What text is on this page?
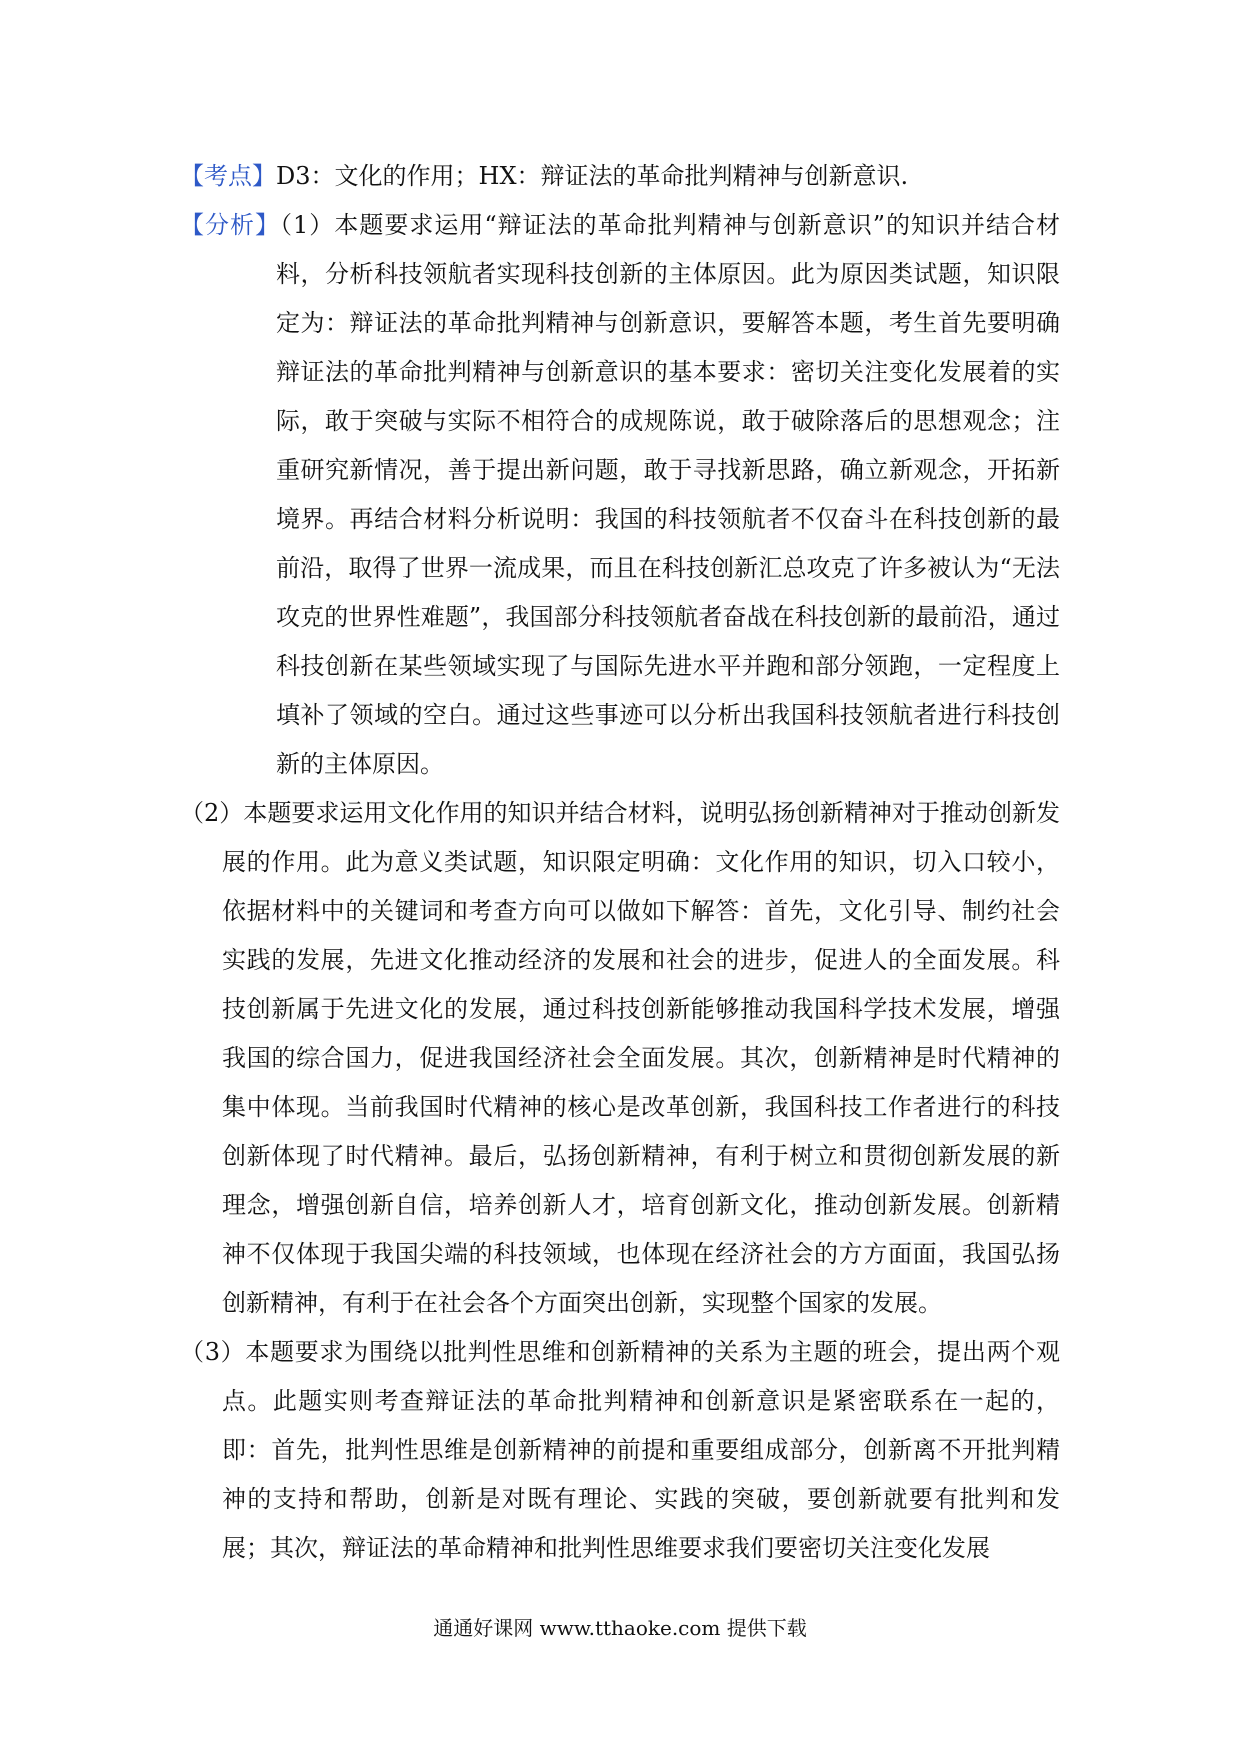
【考点】D3：文化的作用；HX：辩证法的革命批判精神与创新意识.

【分析】（1）本题要求运用“辩证法的革命批判精神与创新意识”的知识并结合材料，分析科技领航者实现科技创新的主体原因。此为原因类试题，知识限定为：辩证法的革命批判精神与创新意识，要解答本题，考生首先要明确辩证法的革命批判精神与创新意识的基本要求：密切关注变化发展着的实际，敢于突破与实际不相符合的成规陈说，敢于破除落后的思想观念；注重研究新情况，善于提出新问题，敢于寻找新思路，确立新观念，开拓新境界。再结合材料分析说明：我国的科技领航者不仅奋斗在科技创新的最前沿，取得了世界一流成果，而且在科技创新汇总攻克了许多被认为“无法攻克的世界性难题”，我国部分科技领航者奋战在科技创新的最前沿，通过科技创新在某些领域实现了与国际先进水平并跑和部分领跑，一定程度上填补了领域的空白。通过这些事迹可以分析出我国科技领航者进行科技创新的主体原因。

（2）本题要求运用文化作用的知识并结合材料，说明弘扬创新精神对于推动创新发展的作用。此为意义类试题，知识限定明确：文化作用的知识，切入口较小，依据材料中的关键词和考查方向可以做如下解答：首先，文化引导、制约社会实践的发展，先进文化推动经济的发展和社会的进步，促进人的全面发展。科技创新属于先进文化的发展，通过科技创新能够推动我国科学技术发展，增强我国的综合国力，促进我国经济社会全面发展。其次，创新精神是时代精神的集中体现。当前我国时代精神的核心是改革创新，我国科技工作者进行的科技创新体现了时代精神。最后，弘扬创新精神，有利于树立和贯彻创新发展的新理念，增强创新自信，培养创新人才，培育创新文化，推动创新发展。创新精神不仅体现于我国尖端的科技领域，也体现在经济社会的方方面面，我国弘扬创新精神，有利于在社会各个方面突出创新，实现整个国家的发展。

（3）本题要求为围绕以批判性思维和创新精神的关系为主题的班会，提出两个观点。此题实则考查辩证法的革命批判精神和创新意识是紧密联系在一起的，即：首先，批判性思维是创新精神的前提和重要组成部分，创新离不开批判精神的支持和帮助，创新是对既有理论、实践的突破，要创新就要有批判和发展；其次，辩证法的革命精神和批判性思维要求我们要密切关注变化发展

通通好课网 www.tthaoke.com 提供下载
